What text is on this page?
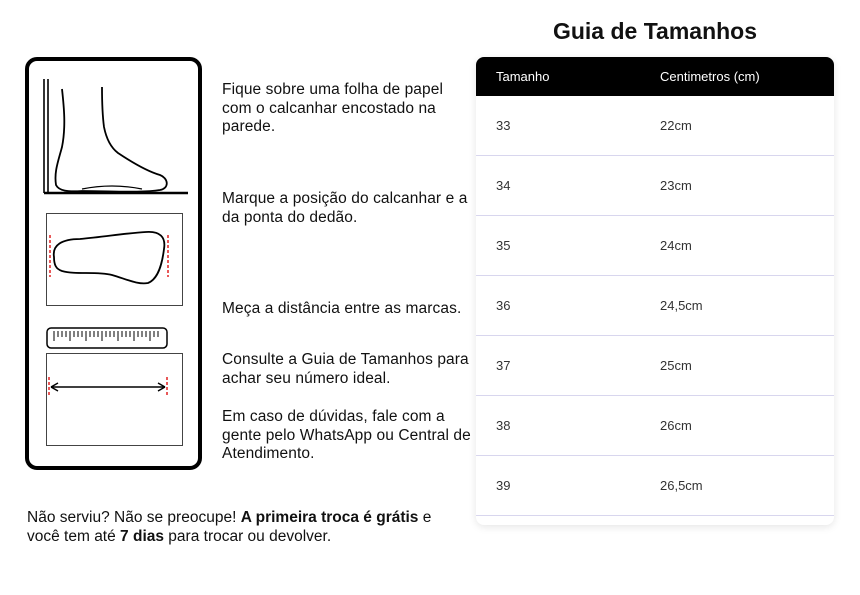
Fique sobre uma folha de papel com o calcanhar encostado na parede.
Marque a posição do calcanhar e a da ponta do dedão.
Meça a distância entre as marcas.
Consulte a Guia de Tamanhos para achar seu número ideal.
Em caso de dúvidas, fale com a gente pelo WhatsApp ou Central de Atendimento.
Não serviu? Não se preocupe! A primeira troca é grátis e você tem até 7 dias para trocar ou devolver.
Guia de Tamanhos
Tamanho	Centimetros (cm)
33	22cm
34	23cm
35	24cm
36	24,5cm
37	25cm
38	26cm
39	26,5cm
